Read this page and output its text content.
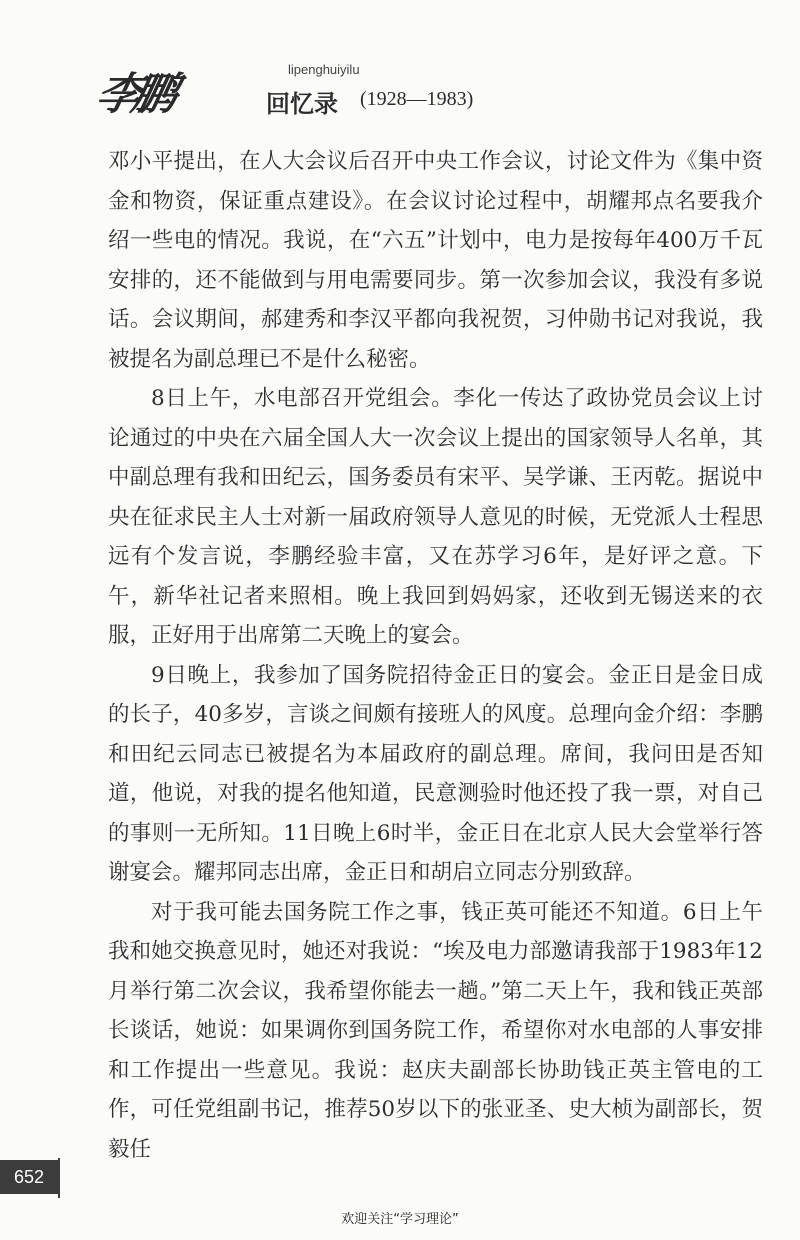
李鹏	lipenghuiyilu
回忆录 (1928—1983)

邓小平提出，在人大会议后召开中央工作会议，讨论文件为《集中资金和物资，保证重点建设》。在会议讨论过程中，胡耀邦点名要我介绍一些电的情况。我说，在“六五”计划中，电力是按每年400万千瓦安排的，还不能做到与用电需要同步。第一次参加会议，我没有多说话。会议期间，郝建秀和李汉平都向我祝贺，习仲勋书记对我说，我被提名为副总理已不是什么秘密。

8日上午，水电部召开党组会。李化一传达了政协党员会议上讨论通过的中央在六届全国人大一次会议上提出的国家领导人名单，其中副总理有我和田纪云，国务委员有宋平、吴学谦、王丙乾。据说中央在征求民主人士对新一届政府领导人意见的时候，无党派人士程思远有个发言说，李鹏经验丰富，又在苏学习6年，是好评之意。下午，新华社记者来照相。晚上我回到妈妈家，还收到无锡送来的衣服，正好用于出席第二天晚上的宴会。

9日晚上，我参加了国务院招待金正日的宴会。金正日是金日成的长子，40多岁，言谈之间颇有接班人的风度。总理向金介绍：李鹏和田纪云同志已被提名为本届政府的副总理。席间，我问田是否知道，他说，对我的提名他知道，民意测验时他还投了我一票，对自己的事则一无所知。11日晚上6时半，金正日在北京人民大会堂举行答谢宴会。耀邦同志出席，金正日和胡启立同志分别致辞。

对于我可能去国务院工作之事，钱正英可能还不知道。6日上午我和她交换意见时，她还对我说：“埃及电力部邀请我部于1983年12月举行第二次会议，我希望你能去一趟。”第二天上午，我和钱正英部长谈话，她说：如果调你到国务院工作，希望你对水电部的人事安排和工作提出一些意见。我说：赵庆夫副部长协助钱正英主管电的工作，可任党组副书记，推荐50岁以下的张亚圣、史大桢为副部长，贺毅任

652
欢迎关注“学习理论”
